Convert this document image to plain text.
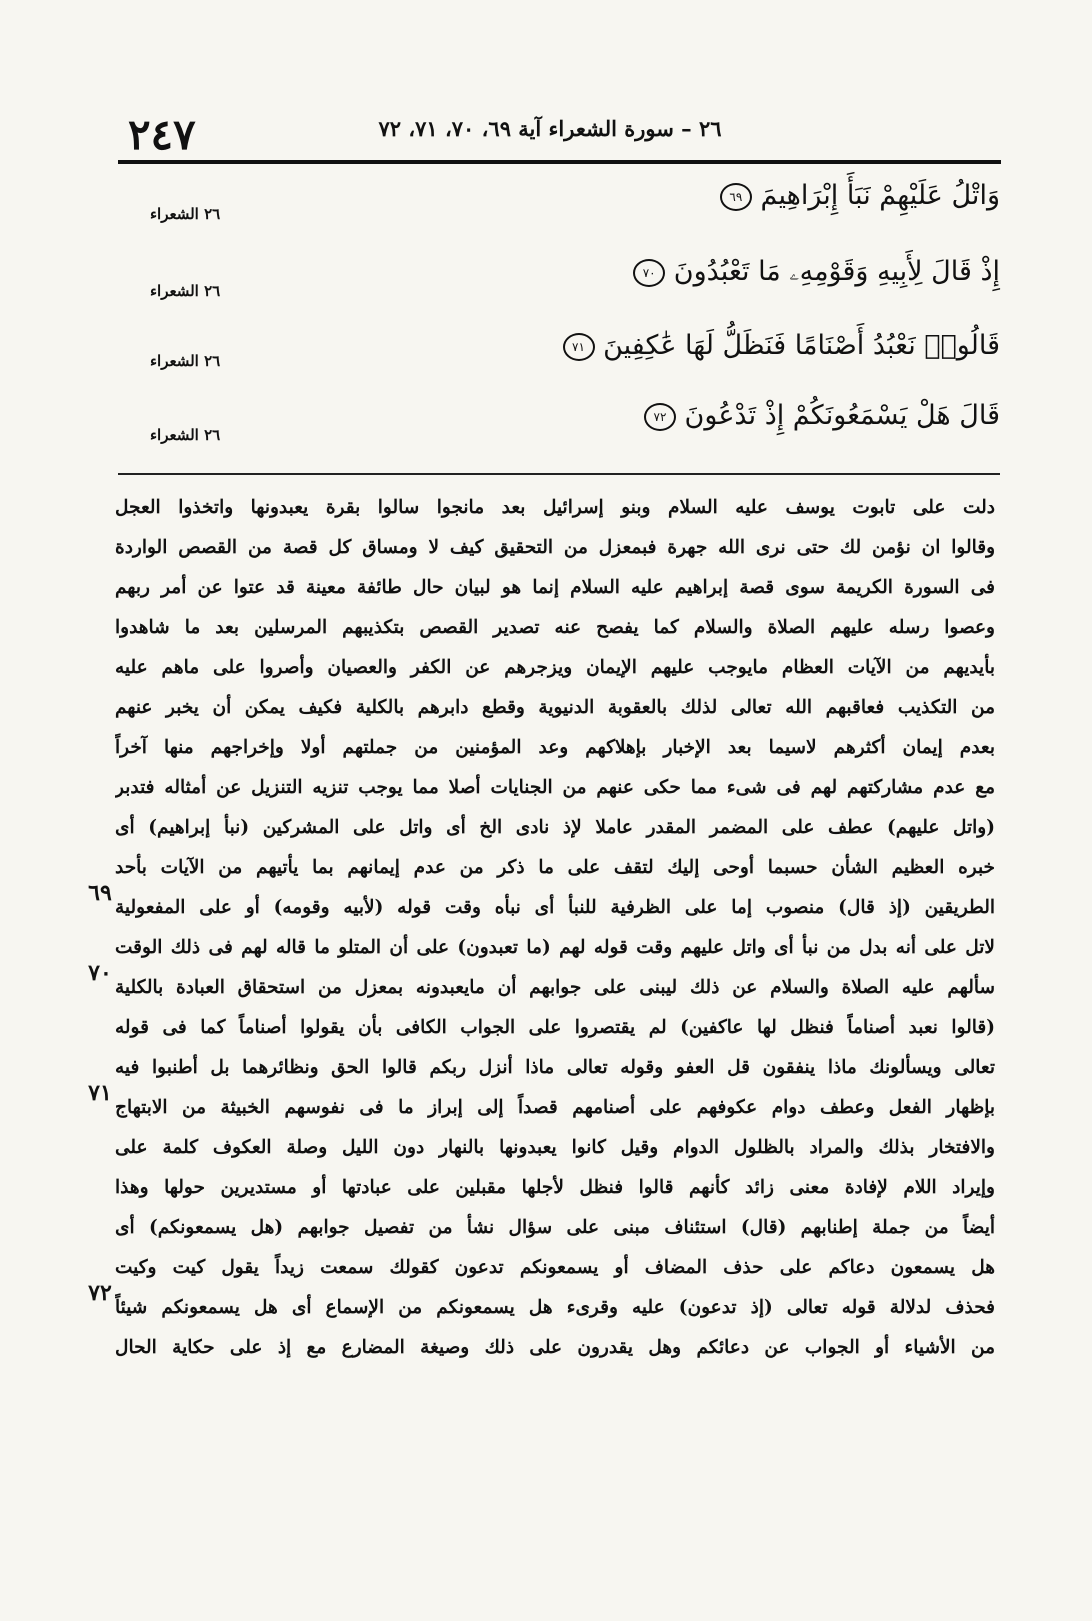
٢٤٧	٢٦ – سورة الشعراء آية ٦٩، ٧٠، ٧١، ٧٢
وَاتْلُ عَلَيْهِمْ نَبَأَ إِبْرَاهِيمَ ٦٩
٢٦ الشعراء
إِذْ قَالَ لِأَبِيهِ وَقَوْمِهِۦ مَا تَعْبُدُونَ ٧٠
٢٦ الشعراء
قَالُوا۟ نَعْبُدُ أَصْنَامًا فَنَظَلُّ لَهَا عَٰكِفِينَ ٧١
٢٦ الشعراء
قَالَ هَلْ يَسْمَعُونَكُمْ إِذْ تَدْعُونَ ٧٢
٢٦ الشعراء
دلت على تابوت يوسف عليه السلام وبنو إسرائيل بعد مانجوا سالوا بقرة يعبدونها واتخذوا العجل
وقالوا ان نؤمن لك حتى نرى الله جهرة فبمعزل من التحقيق كيف لا ومساق كل قصة من القصص الواردة
فى السورة الكريمة سوى قصة إبراهيم عليه السلام إنما هو لبيان حال طائفة معينة قد عتوا عن أمر ربهم
وعصوا رسله عليهم الصلاة والسلام كما يفصح عنه تصدير القصص بتكذيبهم المرسلين بعد ما شاهدوا
بأيديهم من الآيات العظام مايوجب عليهم الإيمان ويزجرهم عن الكفر والعصيان وأصروا على ماهم عليه
من التكذيب فعاقبهم الله تعالى لذلك بالعقوبة الدنيوية وقطع دابرهم بالكلية فكيف يمكن أن يخبر عنهم
بعدم إيمان أكثرهم لاسيما بعد الإخبار بإهلاكهم وعد المؤمنين من جملتهم أولا وإخراجهم منها آخراً
مع عدم مشاركتهم لهم فى شىء مما حكى عنهم من الجنايات أصلا مما يوجب تنزيه التنزيل عن أمثاله فتدبر
(واتل عليهم) عطف على المضمر المقدر عاملا لإذ نادى الخ أى واتل على المشركين (نبأ إبراهيم) أى
خبره العظيم الشأن حسبما أوحى إليك لتقف على ما ذكر من عدم إيمانهم بما يأتيهم من الآيات بأحد
الطريقين (إذ قال) منصوب إما على الظرفية للنبأ أى نبأه وقت قوله (لأبيه وقومه) أو على المفعولية
لاتل على أنه بدل من نبأ أى واتل عليهم وقت قوله لهم (ما تعبدون) على أن المتلو ما قاله لهم فى ذلك الوقت
سألهم عليه الصلاة والسلام عن ذلك ليبنى على جوابهم أن مايعبدونه بمعزل من استحقاق العبادة بالكلية
(قالوا نعبد أصناماً فنظل لها عاكفين) لم يقتصروا على الجواب الكافى بأن يقولوا أصناماً كما فى قوله
تعالى ويسألونك ماذا ينفقون قل العفو وقوله تعالى ماذا أنزل ربكم قالوا الحق ونظائرهما بل أطنبوا فيه
بإظهار الفعل وعطف دوام عكوفهم على أصنامهم قصداً إلى إبراز ما فى نفوسهم الخبيثة من الابتهاج
والافتخار بذلك والمراد بالظلول الدوام وقيل كانوا يعبدونها بالنهار دون الليل وصلة العكوف كلمة على
وإيراد اللام لإفادة معنى زائد كأنهم قالوا فنظل لأجلها مقبلين على عبادتها أو مستديرين حولها وهذا
أيضاً من جملة إطنابهم (قال) استئناف مبنى على سؤال نشأ من تفصيل جوابهم (هل يسمعونكم) أى
هل يسمعون دعاكم على حذف المضاف أو يسمعونكم تدعون كقولك سمعت زيداً يقول كيت وكيت
فحذف لدلالة قوله تعالى (إذ تدعون) عليه وقرىء هل يسمعونكم من الإسماع أى هل يسمعونكم شيئاً
من الأشياء أو الجواب عن دعائكم وهل يقدرون على ذلك وصيغة المضارع مع إذ على حكاية الحال
٦٩
٧٠
٧١
٧٢
